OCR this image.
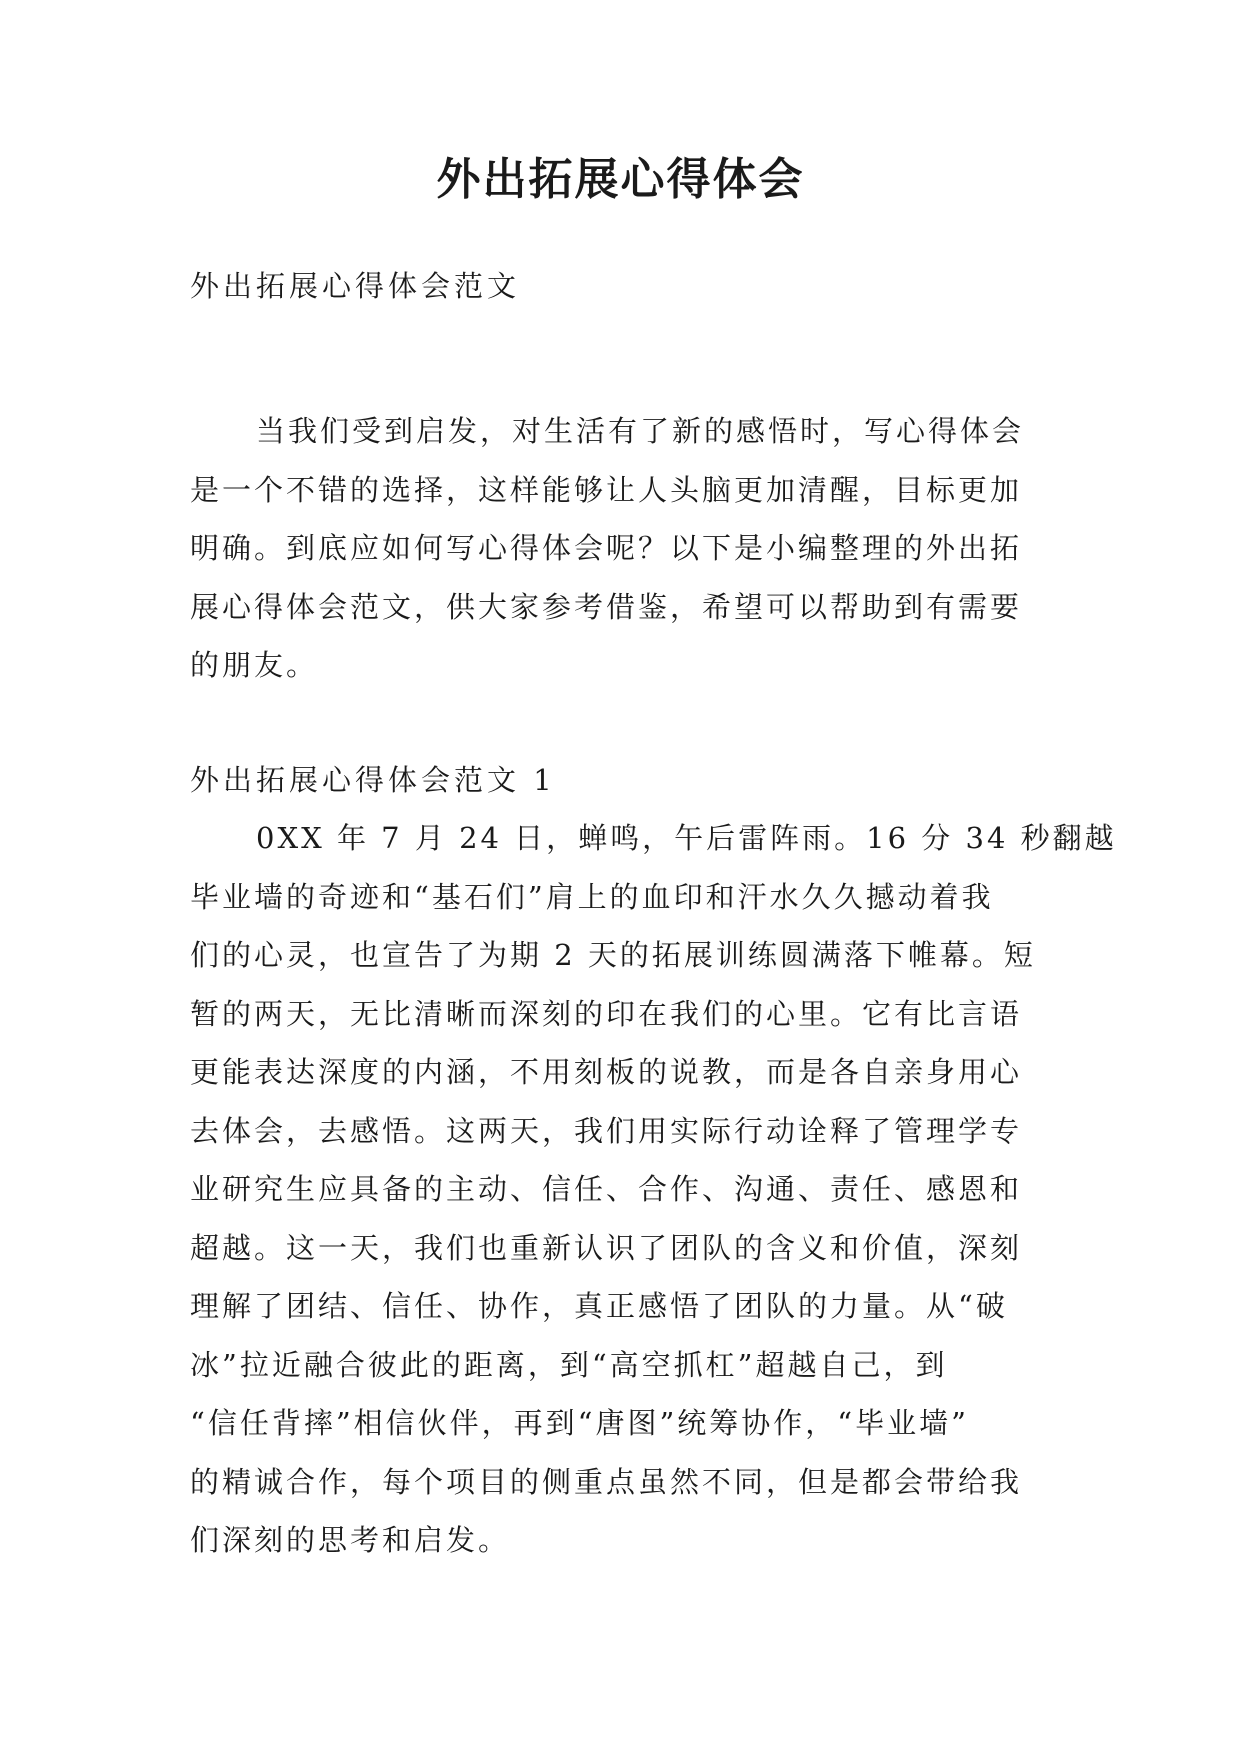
外出拓展心得体会
外出拓展心得体会范文
当我们受到启发，对生活有了新的感悟时，写心得体会
是一个不错的选择，这样能够让人头脑更加清醒，目标更加
明确。到底应如何写心得体会呢？以下是小编整理的外出拓
展心得体会范文，供大家参考借鉴，希望可以帮助到有需要
的朋友。
外出拓展心得体会范文 1
0XX 年 7 月 24 日，蝉鸣，午后雷阵雨。16 分 34 秒翻越
毕业墙的奇迹和“基石们”肩上的血印和汗水久久撼动着我
们的心灵，也宣告了为期 2 天的拓展训练圆满落下帷幕。短
暂的两天，无比清晰而深刻的印在我们的心里。它有比言语
更能表达深度的内涵，不用刻板的说教，而是各自亲身用心
去体会，去感悟。这两天，我们用实际行动诠释了管理学专
业研究生应具备的主动、信任、合作、沟通、责任、感恩和
超越。这一天，我们也重新认识了团队的含义和价值，深刻
理解了团结、信任、协作，真正感悟了团队的力量。从“破
冰”拉近融合彼此的距离，到“高空抓杠”超越自己，到
“信任背摔”相信伙伴，再到“唐图”统筹协作，“毕业墙”
的精诚合作，每个项目的侧重点虽然不同，但是都会带给我
们深刻的思考和启发。
